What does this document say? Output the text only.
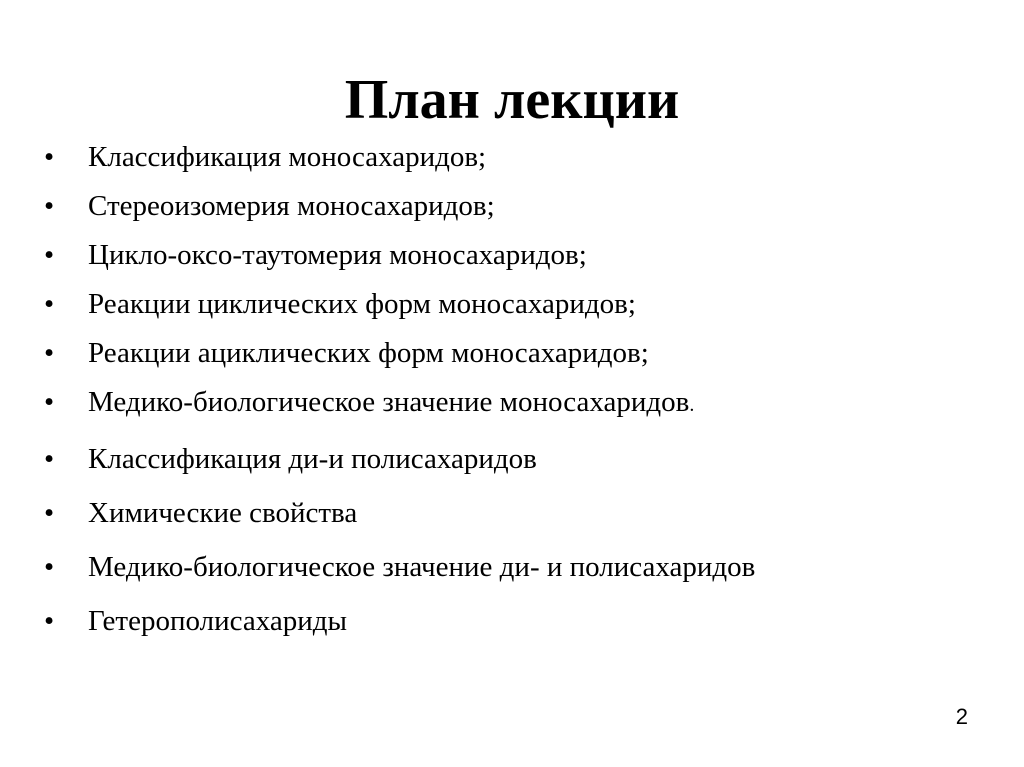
План лекции
• Классификация моносахаридов;
• Стереоизомерия моносахаридов;
• Цикло-оксо-таутомерия моносахаридов;
• Реакции циклических форм моносахаридов;
• Реакции ациклических форм моносахаридов;
• Медико-биологическое значение моносахаридов.
• Классификация ди-и полисахаридов
• Химические свойства
• Медико-биологическое значение ди- и полисахаридов
• Гетерополисахариды
2
